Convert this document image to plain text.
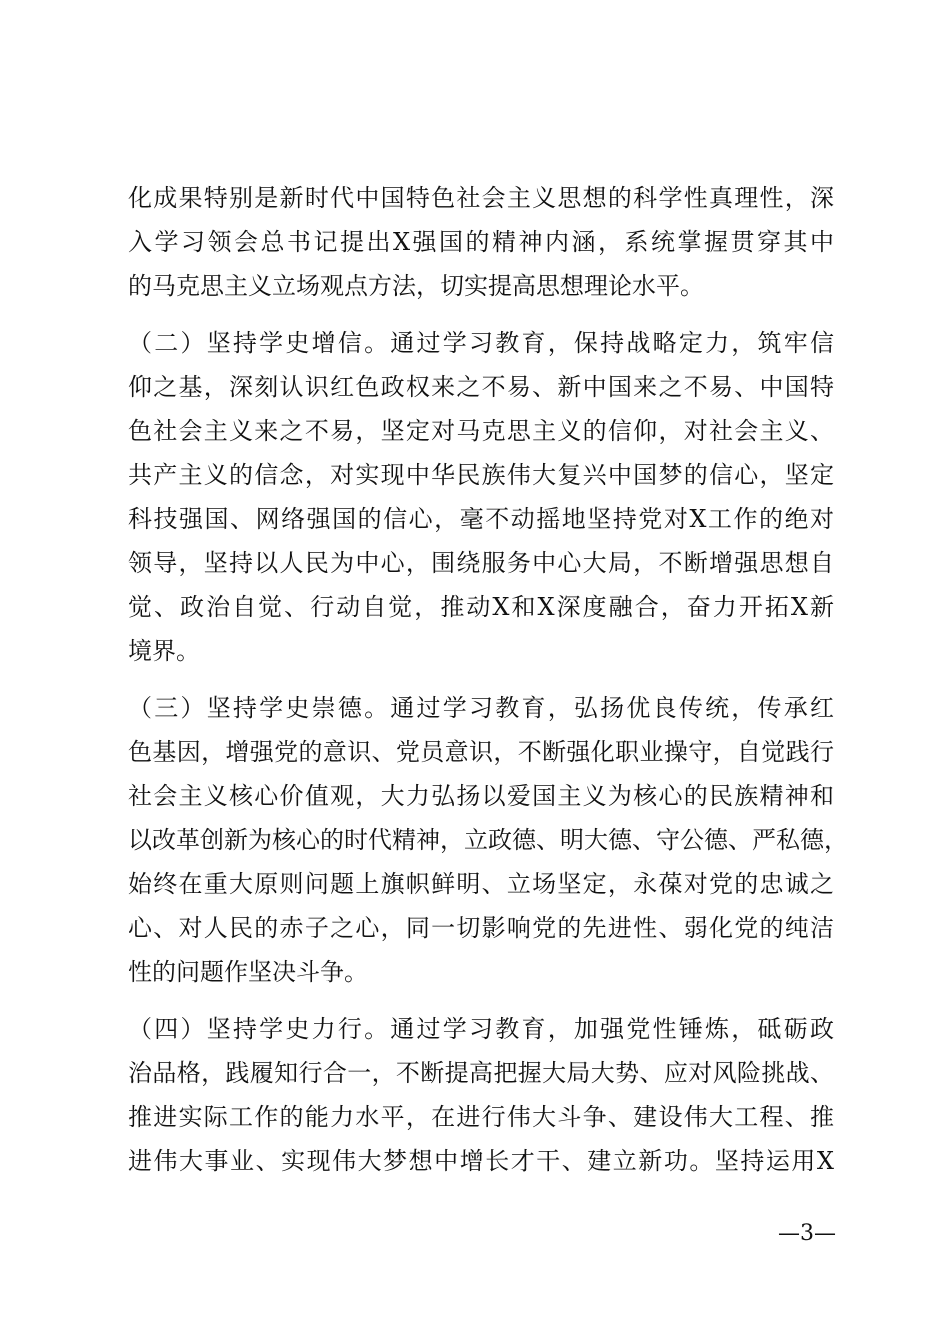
化成果特别是新时代中国特色社会主义思想的科学性真理性，深
入学习领会总书记提出X强国的精神内涵，系统掌握贯穿其中
的马克思主义立场观点方法，切实提高思想理论水平。
（二）坚持学史增信。通过学习教育，保持战略定力，筑牢信
仰之基，深刻认识红色政权来之不易、新中国来之不易、中国特
色社会主义来之不易，坚定对马克思主义的信仰，对社会主义、
共产主义的信念，对实现中华民族伟大复兴中国梦的信心，坚定
科技强国、网络强国的信心，毫不动摇地坚持党对X工作的绝对
领导，坚持以人民为中心，围绕服务中心大局，不断增强思想自
觉、政治自觉、行动自觉，推动X和X深度融合，奋力开拓X新
境界。
（三）坚持学史崇德。通过学习教育，弘扬优良传统，传承红
色基因，增强党的意识、党员意识，不断强化职业操守，自觉践行
社会主义核心价值观，大力弘扬以爱国主义为核心的民族精神和
以改革创新为核心的时代精神，立政德、明大德、守公德、严私德，
始终在重大原则问题上旗帜鲜明、立场坚定，永葆对党的忠诚之
心、对人民的赤子之心，同一切影响党的先进性、弱化党的纯洁
性的问题作坚决斗争。
（四）坚持学史力行。通过学习教育，加强党性锤炼，砥砺政
治品格，践履知行合一，不断提高把握大局大势、应对风险挑战、
推进实际工作的能力水平，在进行伟大斗争、建设伟大工程、推
进伟大事业、实现伟大梦想中增长才干、建立新功。坚持运用X
—3—
